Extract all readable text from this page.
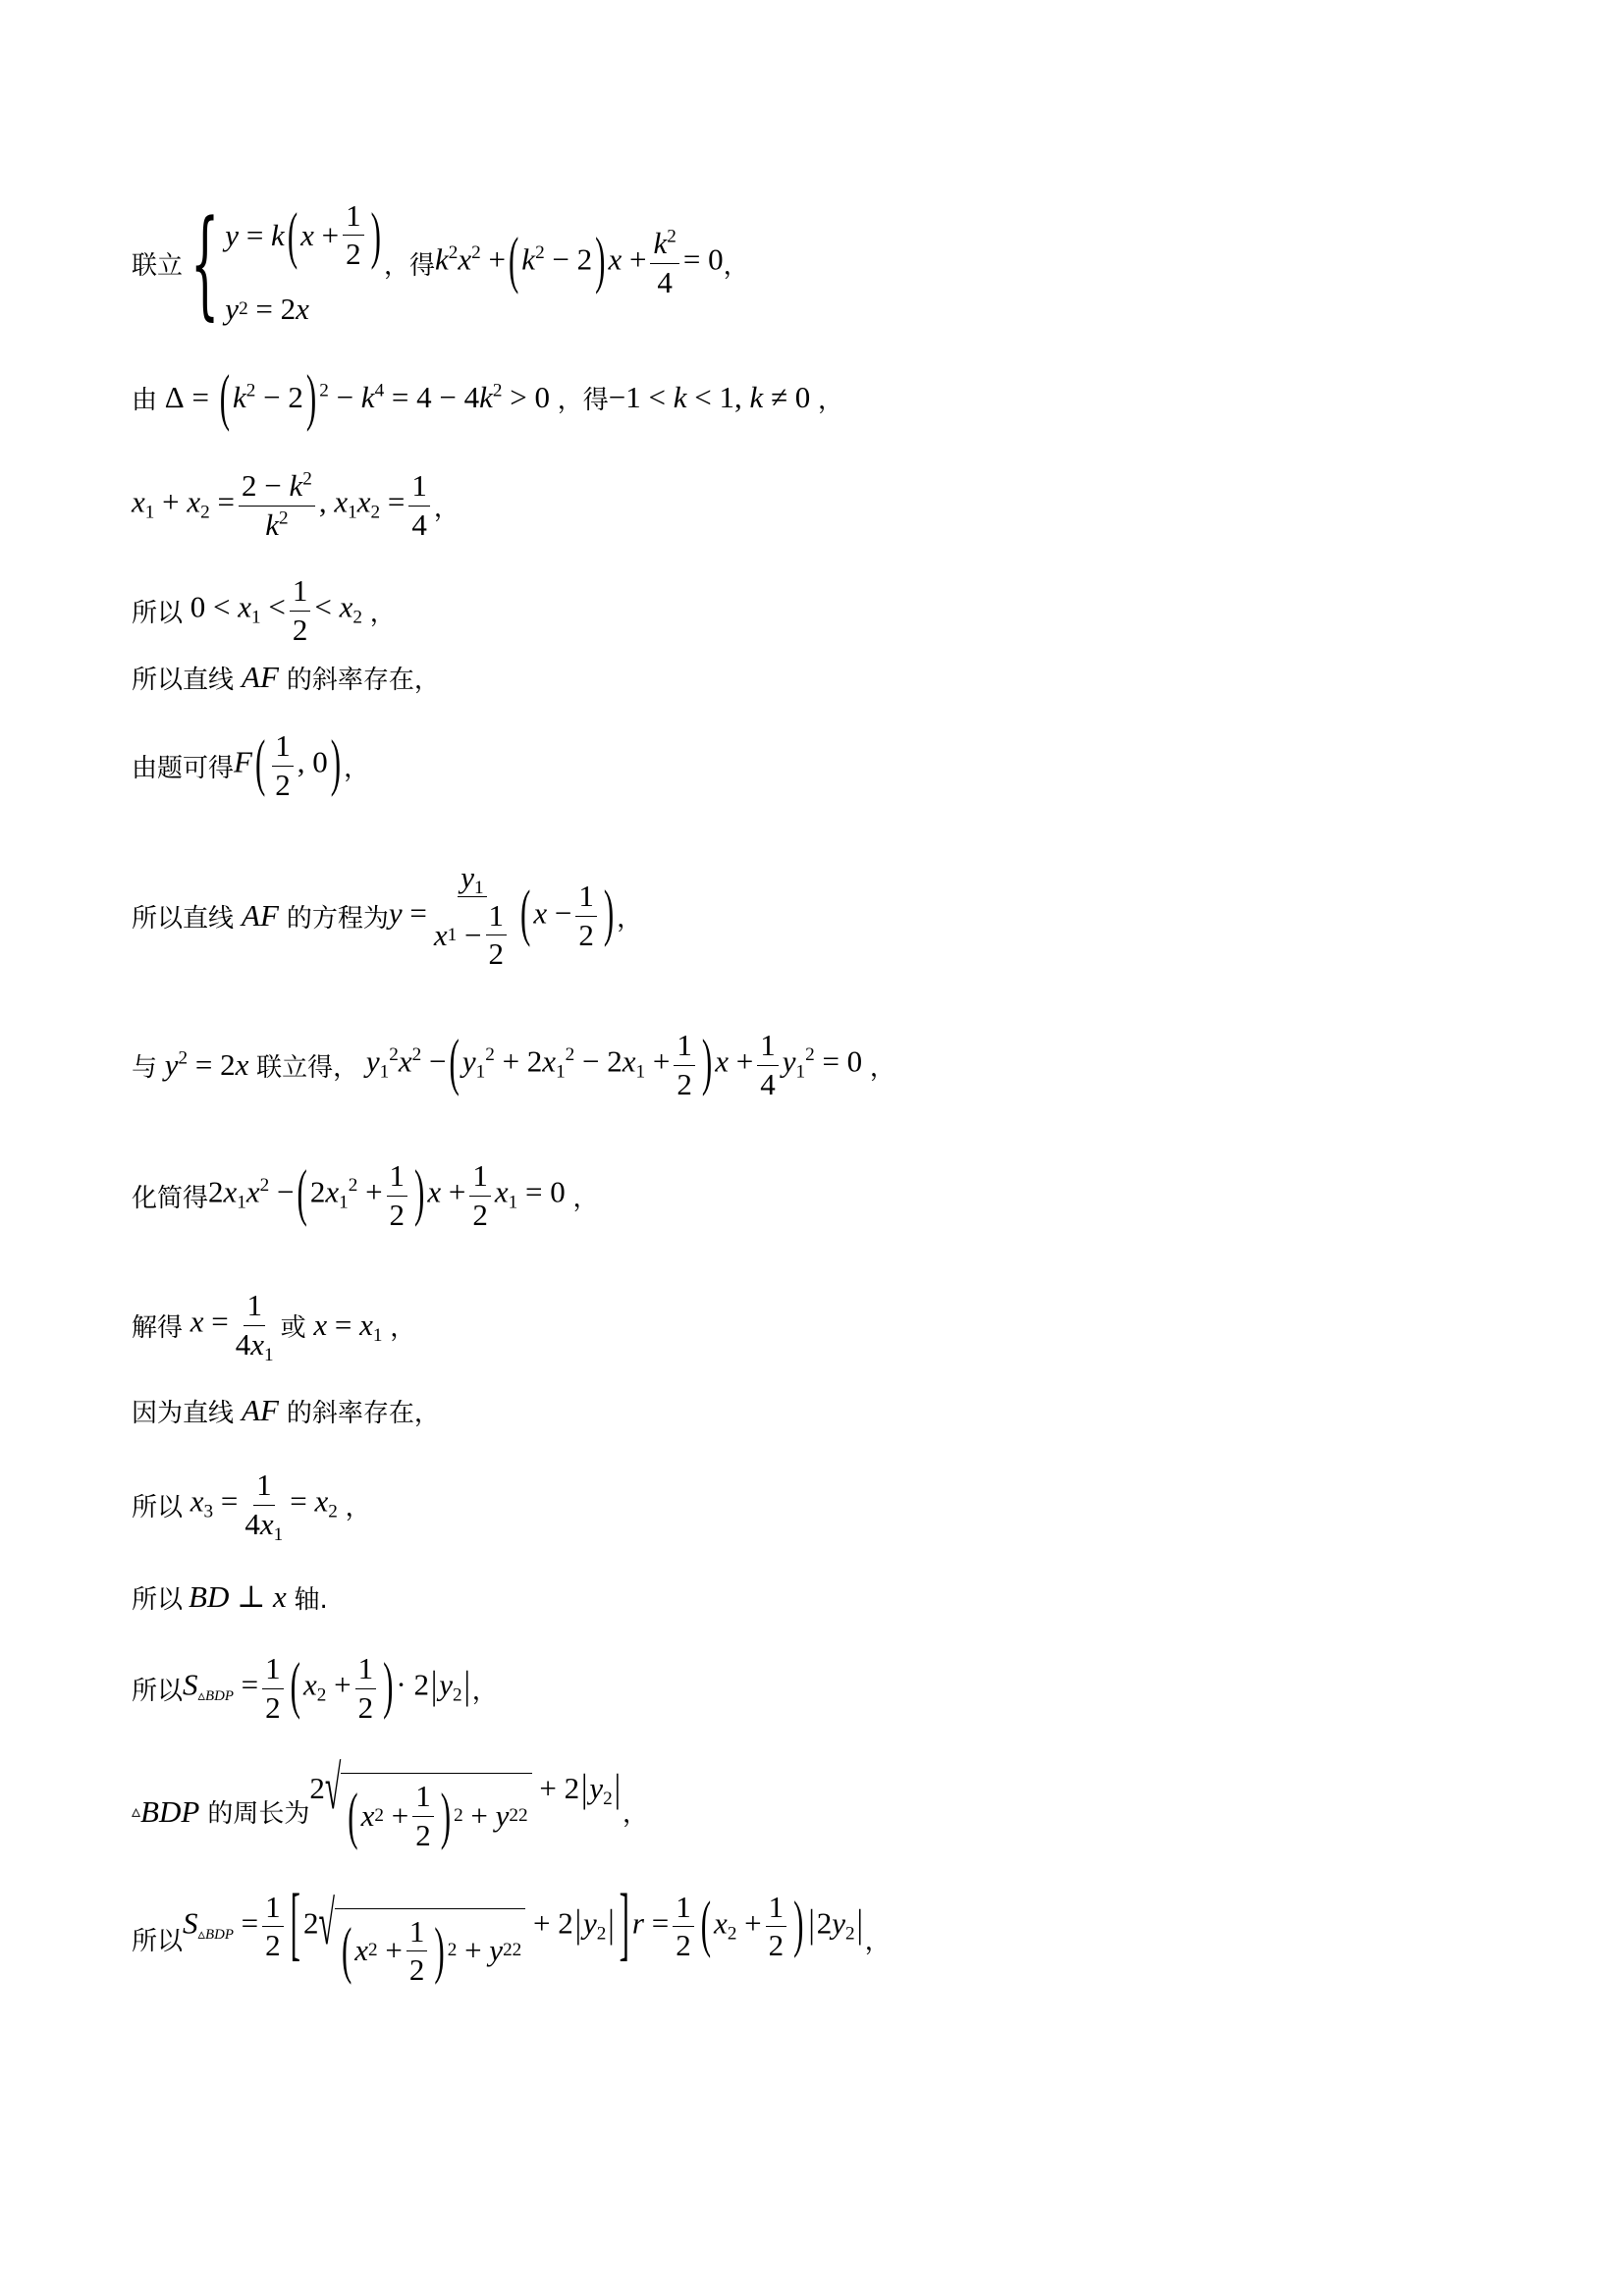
联立 { y = k ( $x + \frac{1}{2}$ )
y 2 = 2 x
，得 $k^2x^2 +(k^2 - 2)x + \frac{k^2}{4} = 0$ ，
由 $\Delta = (k^2 - 2) ^2 - k^4 = 4 - 4k^2 > 0$ ，得 −1 < k < 1, k ≠ 0 ，
$x_1 + x_2 = \frac{2 - k^2}{k^2}$ , $x_1x_2 = \frac{1}{4}$ ，
所以 $0 < x_1 < \frac{1}{2} < x_2$ ，
所以直线 AF 的斜率存在，
由题可得 $F( \frac{1}{2}$ , 0) ，
所以直线 AF 的方程为 $y = \frac{y_1}{x 1 - \frac{1}{2}} (x - \frac{1}{2}$ ) ，
与 $y^2 = 2x$ 联立得， $y_1^2x^2 -(y_1^2 + 2x_1^2 - 2x_1 + \frac{1}{2} )x + \frac{1}{4} y_1^2 = 0$ ，
化简得 $2x_1x^2 -(2x_1^2 + \frac{1}{2} )x + \frac{1}{2} x_1 = 0$ ，
解得 $x = \frac{1}{4x_1}$ 或 $x = x_1$ ，
因为直线 AF 的斜率存在，
所以 $x_3 = \frac{1}{4x_1} = x_2$ ，
所以 BD ⊥ x 轴.
所以 S▵BDP = $\frac{1}{2} (x_2 + \frac{1}{2}$ )· $2|y_2|$ ，
▵ BDP 的周长为
2 √ ( x $2 + \frac{1}{2}$ ) 2 + y 2 2
+ $2|y_2|$
，
所以
S▵BDP = $\frac{1}{2} [2$ √ ( x $2 + \frac{1}{2}$ ) 2 + y 2 2
+ $2|y_2|$ ]$r = \frac{1}{2} (x_2 + \frac{1}{2}$ ) $|2y_2|$ ，
